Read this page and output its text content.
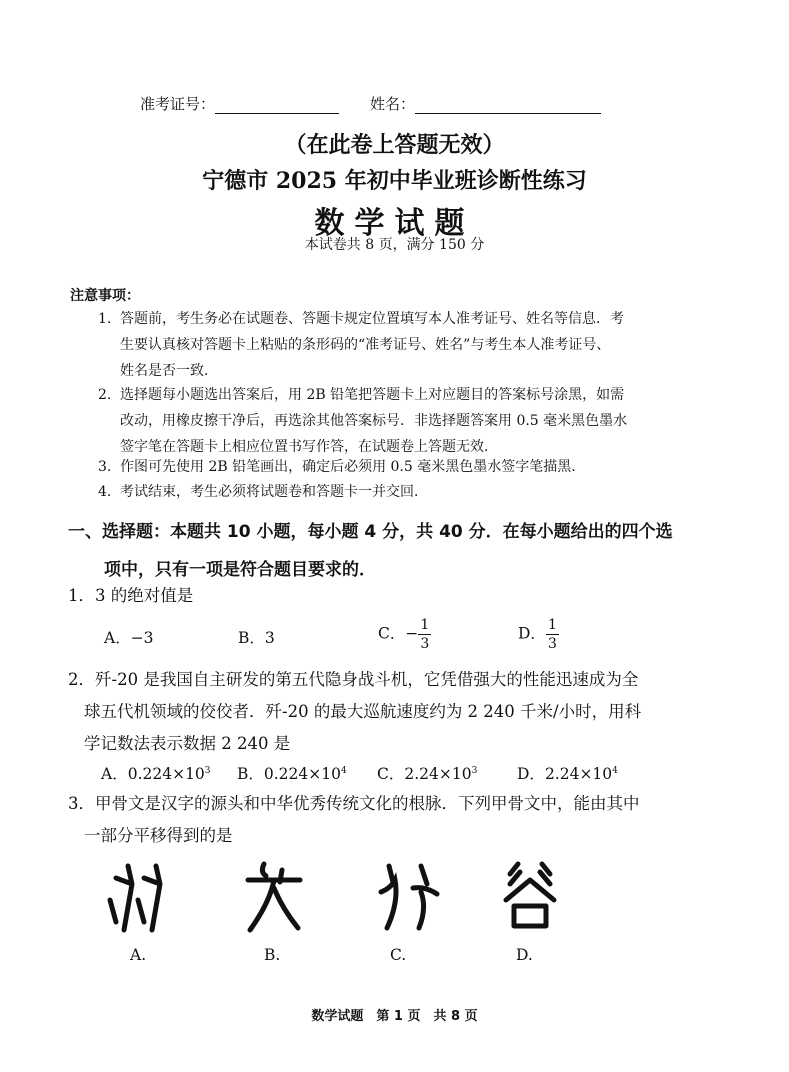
准考证号：	姓名：
（在此卷上答题无效）
宁德市 2025 年初中毕业班诊断性练习
数学试题
本试卷共 8 页，满分 150 分
注意事项：
1. 答题前，考生务必在试题卷、答题卡规定位置填写本人准考证号、姓名等信息．考
生要认真核对答题卡上粘贴的条形码的“准考证号、姓名”与考生本人准考证号、
姓名是否一致．
2. 选择题每小题选出答案后，用 2B 铅笔把答题卡上对应题目的答案标号涂黑，如需
改动，用橡皮擦干净后，再选涂其他答案标号．非选择题答案用 0.5 毫米黑色墨水
签字笔在答题卡上相应位置书写作答，在试题卷上答题无效．
3. 作图可先使用 2B 铅笔画出，确定后必须用 0.5 毫米黑色墨水签字笔描黑．
4. 考试结束，考生必须将试题卷和答题卡一并交回．
一、选择题：本题共 10 小题，每小题 4 分，共 40 分．在每小题给出的四个选
项中，只有一项是符合题目要求的．
1．3 的绝对值是
A．−3	B．3	C．− $\frac{1}{3}$	D． $\frac{1}{3}$
2．歼-20 是我国自主研发的第五代隐身战斗机，它凭借强大的性能迅速成为全
球五代机领域的佼佼者．歼-20 的最大巡航速度约为 2 240 千米/小时，用科
学记数法表示数据 2 240 是
A．$0.224\times 10^3$ B．$0.224\times 10^4$ C．$2.24\times 10^3$	D．$2.24\times 10^4$
3．甲骨文是汉字的源头和中华优秀传统文化的根脉．下列甲骨文中，能由其中
一部分平移得到的是
A.	B.	C.	D.
数学试题　第 1 页　共 8 页
